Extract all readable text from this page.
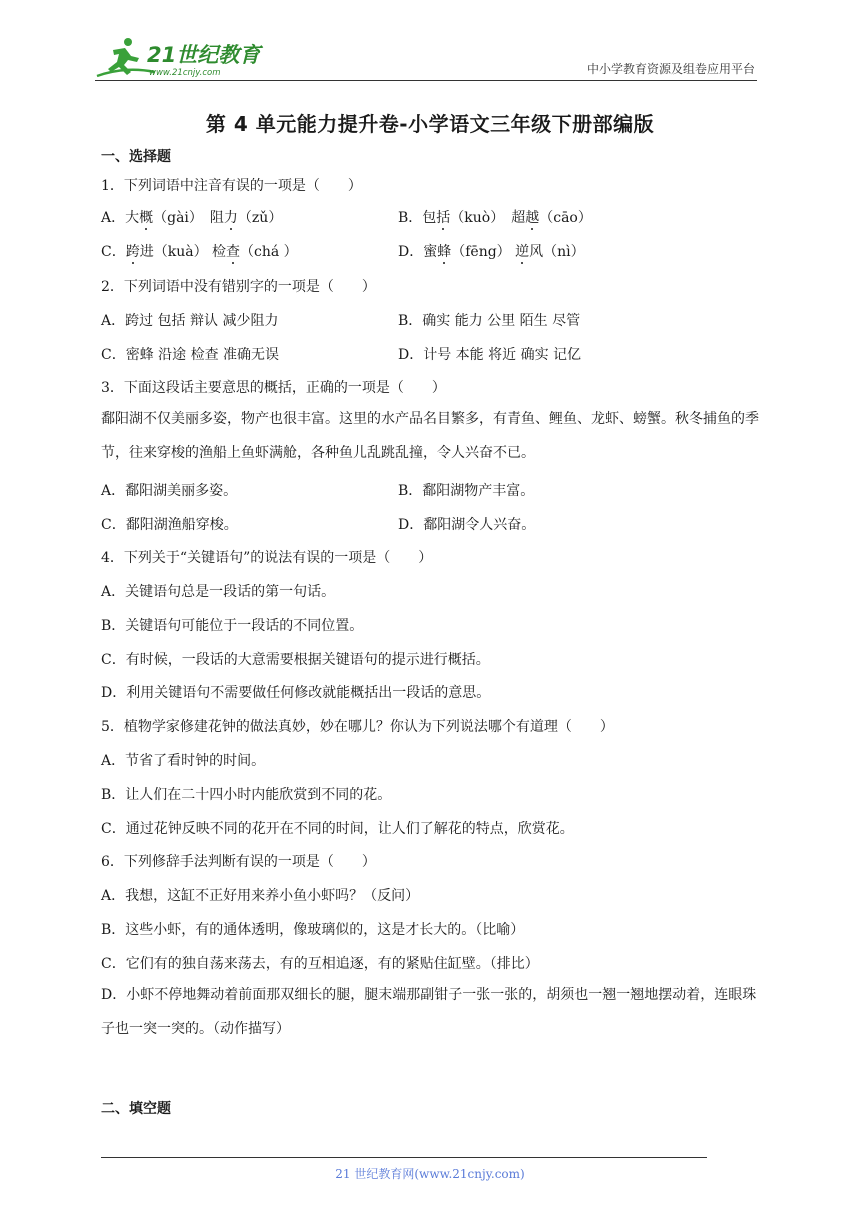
21世纪教育
www.21cnjy.com	中小学教育资源及组卷应用平台
第 4 单元能力提升卷-小学语文三年级下册部编版
一、选择题
1．下列词语中注音有误的一项是（　　）
A．大概（gài）　阻力（zǔ）	B．包括（kuò）　超越（cāo）
C．跨进（kuà） 检查（chá ）	D．蜜蜂（fēng） 逆风（nì）
2．下列词语中没有错别字的一项是（　　）
A．跨过 包括 辩认 减少阻力	B．确实 能力 公里 陌生 尽管
C．密蜂 沿途 检查 准确无误	D．计号 本能 将近 确实 记亿
3．下面这段话主要意思的概括，正确的一项是（　　）
鄱阳湖不仅美丽多姿，物产也很丰富。这里的水产品名目繁多，有青鱼、鲤鱼、龙虾、螃蟹。秋冬捕鱼的季节，往来穿梭的渔船上鱼虾满舱，各种鱼儿乱跳乱撞，令人兴奋不已。
A．鄱阳湖美丽多姿。	B．鄱阳湖物产丰富。
C．鄱阳湖渔船穿梭。	D．鄱阳湖令人兴奋。
4．下列关于“关键语句”的说法有误的一项是（　　）
A．关键语句总是一段话的第一句话。
B．关键语句可能位于一段话的不同位置。
C．有时候，一段话的大意需要根据关键语句的提示进行概括。
D．利用关键语句不需要做任何修改就能概括出一段话的意思。
5．植物学家修建花钟的做法真妙，妙在哪儿？你认为下列说法哪个有道理（　　）
A．节省了看时钟的时间。
B．让人们在二十四小时内能欣赏到不同的花。
C．通过花钟反映不同的花开在不同的时间，让人们了解花的特点，欣赏花。
6．下列修辞手法判断有误的一项是（　　）
A．我想，这缸不正好用来养小鱼小虾吗？（反问）
B．这些小虾，有的通体透明，像玻璃似的，这是才长大的。（比喻）
C．它们有的独自荡来荡去，有的互相追逐，有的紧贴住缸壁。（排比）
D．小虾不停地舞动着前面那双细长的腿，腿末端那副钳子一张一张的，胡须也一翘一翘地摆动着，连眼珠子也一突一突的。（动作描写）
二、填空题
21 世纪教育网(www.21cnjy.com)
